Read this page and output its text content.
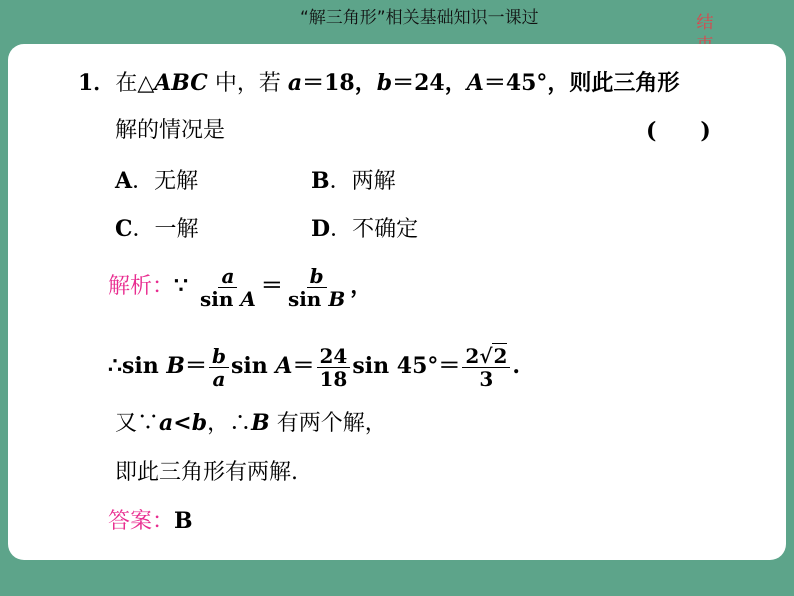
“解三角形”相关基础知识一课过	结
1．在△ABC 中，若 a＝18，b＝24，A＝45°，则此三角形
解的情况是	(　　)
A．无解	B．两解
C．一解	D．不确定
解析：∵ $\frac{a}{\text{sin A}} = \frac{b}{\text{sin B}}$ ，
∴sin $B= \frac{b}{a}$ $\sin A= \frac{24}{18}$ $\sin 45^\circ= \frac{2√2}{3}$ .
又∵a<b，∴B 有两个解，
即此三角形有两解.
答案：B
